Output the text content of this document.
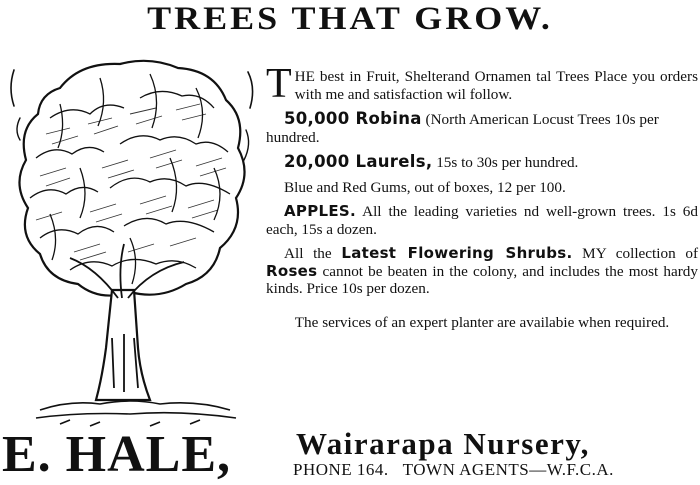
TREES THAT GROW.

THE best in Fruit, Shelterand Ornamen tal Trees Place you orders with me and satisfaction wil follow.

50,000 Robina (North American Locust Trees 10s per hundred.

20,000 Laurels, 15s to 30s per hundred.

Blue and Red Gums, out of boxes, 12 per 100.

APPLES. All the leading varieties nd well-grown trees. 1s 6d each, 15s a dozen.

All the Latest Flowering Shrubs. MY collection of Roses cannot be beaten in the colony, and includes the most hardy kinds. Price 10s per dozen.

The services of an expert planter are availabie when required.

E. HALE, Wairarapa Nursery,
PHONE 164. TOWN AGENTS—W.F.C.A.
